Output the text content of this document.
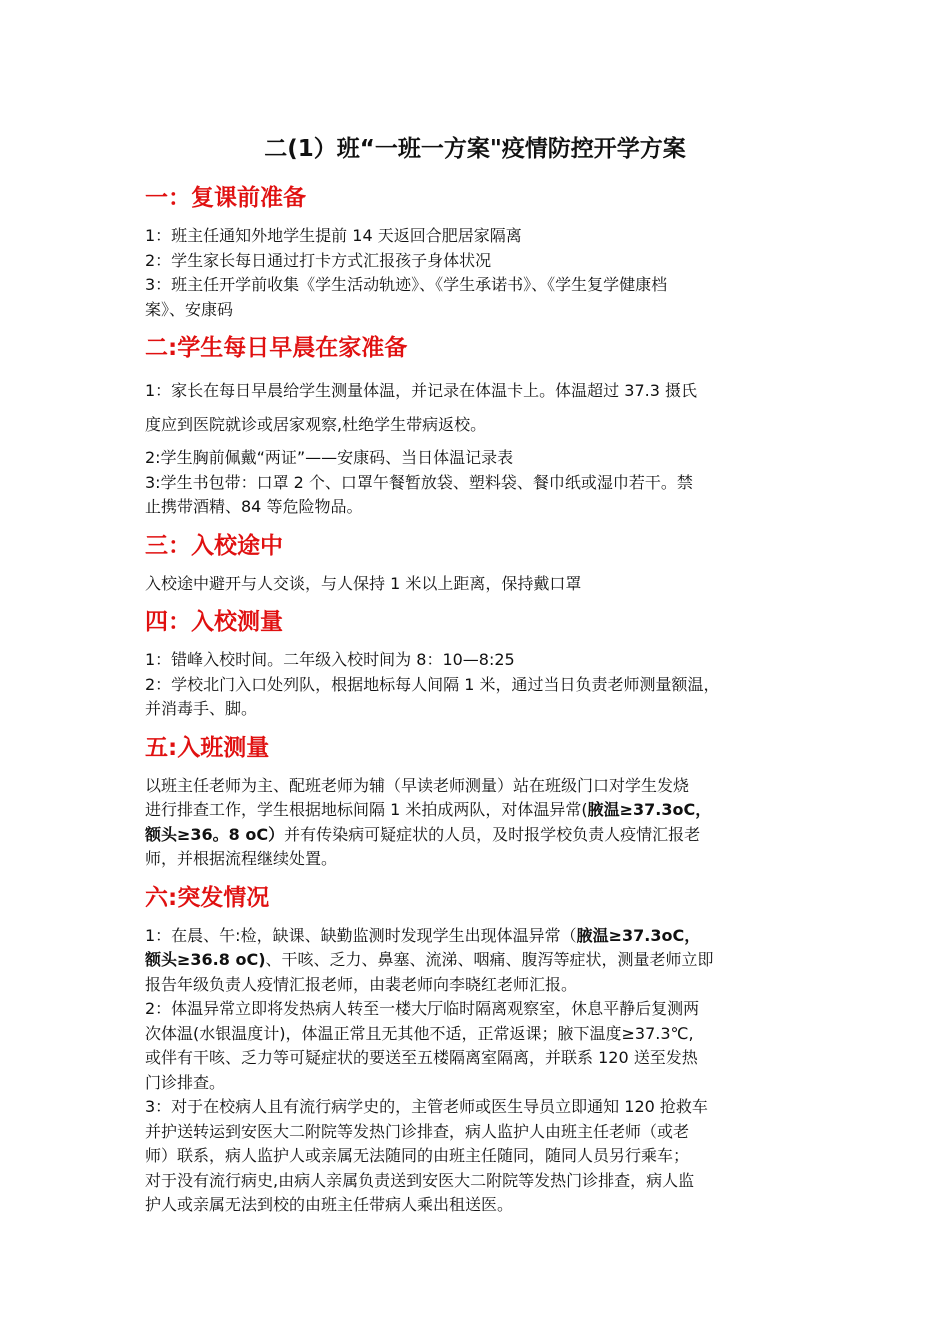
二(1）班“一班一方案"疫情防控开学方案
一：复课前准备

1：班主任通知外地学生提前 14 天返回合肥居家隔离

2：学生家长每日通过打卡方式汇报孩子身体状况

3：班主任开学前收集《学生活动轨迹》、《学生承诺书》、《学生复学健康档

案》、安康码

二:学生每日早晨在家准备

1：家长在每日早晨给学生测量体温，并记录在体温卡上。体温超过 37.3 摄氏

度应到医院就诊或居家观察,杜绝学生带病返校。

2:学生胸前佩戴“两证”——安康码、当日体温记录表

3:学生书包带：口罩 2 个、口罩午餐暂放袋、塑料袋、餐巾纸或湿巾若干。禁

止携带酒精、84 等危险物品。

三：入校途中

入校途中避开与人交谈，与人保持 1 米以上距离，保持戴口罩

四：入校测量

1：错峰入校时间。二年级入校时间为 8：10—8:25

2：学校北门入口处列队，根据地标每人间隔 1 米，通过当日负责老师测量额温，

并消毒手、脚。

五:入班测量

以班主任老师为主、配班老师为辅（早读老师测量）站在班级门口对学生发烧

进行排查工作，学生根据地标间隔 1 米拍成两队，对体温异常(腋温≥37.3oC，

额头≥36。8 oC）并有传染病可疑症状的人员，及时报学校负责人疫情汇报老

师，并根据流程继续处置。

六:突发情况

1：在晨、午:检，缺课、缺勤监测时发现学生出现体温异常（腋温≥37.3oC，

额头≥36.8 oC)、干咳、乏力、鼻塞、流涕、咽痛、腹泻等症状，测量老师立即

报告年级负责人疫情汇报老师，由裴老师向李晓红老师汇报。

2：体温异常立即将发热病人转至一楼大厅临时隔离观察室，休息平静后复测两

次体温(水银温度计)，体温正常且无其他不适，正常返课；腋下温度≥37.3℃,

或伴有干咳、乏力等可疑症状的要送至五楼隔离室隔离，并联系 120 送至发热

门诊排查。

3：对于在校病人且有流行病学史的，主管老师或医生导员立即通知 120 抢救车

并护送转运到安医大二附院等发热门诊排查，病人监护人由班主任老师（或老

师）联系，病人监护人或亲属无法随同的由班主任随同，随同人员另行乘车；

对于没有流行病史,由病人亲属负责送到安医大二附院等发热门诊排查，病人监

护人或亲属无法到校的由班主任带病人乘出租送医。
